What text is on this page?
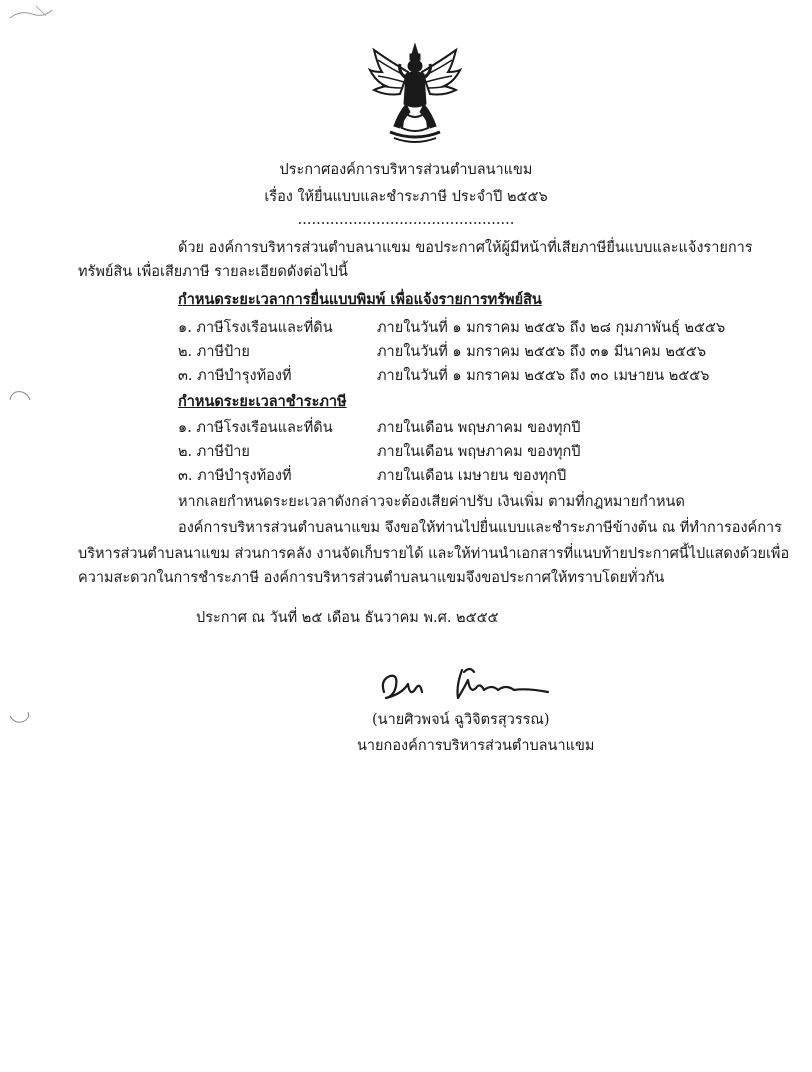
ประกาศองค์การบริหารส่วนตำบลนาแขม
เรื่อง ให้ยื่นแบบและชำระภาษี ประจำปี ๒๕๕๖
...............................................
ด้วย องค์การบริหารส่วนตำบลนาแขม ขอประกาศให้ผู้มีหน้าที่เสียภาษียื่นแบบและแจ้งรายการ
ทรัพย์สิน เพื่อเสียภาษี รายละเอียดดังต่อไปนี้
กำหนดระยะเวลาการยื่นแบบพิมพ์ เพื่อแจ้งรายการทรัพย์สิน
๑. ภาษีโรงเรือนและที่ดิน	ภายในวันที่ ๑ มกราคม ๒๕๕๖ ถึง ๒๘ กุมภาพันธุ์ ๒๕๕๖
๒. ภาษีป้าย	ภายในวันที่ ๑ มกราคม ๒๕๕๖ ถึง ๓๑ มีนาคม ๒๕๕๖
๓. ภาษีบำรุงท้องที่	ภายในวันที่ ๑ มกราคม ๒๕๕๖ ถึง ๓๐ เมษายน ๒๕๕๖
กำหนดระยะเวลาชำระภาษี
๑. ภาษีโรงเรือนและที่ดิน	ภายในเดือน พฤษภาคม ของทุกปี
๒. ภาษีป้าย	ภายในเดือน พฤษภาคม ของทุกปี
๓. ภาษีบำรุงท้องที่	ภายในเดือน เมษายน ของทุกปี
หากเลยกำหนดระยะเวลาดังกล่าวจะต้องเสียค่าปรับ เงินเพิ่ม ตามที่กฎหมายกำหนด
องค์การบริหารส่วนตำบลนาแขม จึงขอให้ท่านไปยื่นแบบและชำระภาษีข้างต้น ณ ที่ทำการองค์การ
บริหารส่วนตำบลนาแขม ส่วนการคลัง งานจัดเก็บรายได้ และให้ท่านนำเอกสารที่แนบท้ายประกาศนี้ไปแสดงด้วยเพื่อ
ความสะดวกในการชำระภาษี องค์การบริหารส่วนตำบลนาแขมจึงขอประกาศให้ทราบโดยทั่วกัน
ประกาศ ณ วันที่ ๒๕ เดือน ธันวาคม พ.ศ. ๒๕๕๕
(นายศิวพจน์ ฉูวิจิตรสุวรรณ)
นายกองค์การบริหารส่วนตำบลนาแขม
